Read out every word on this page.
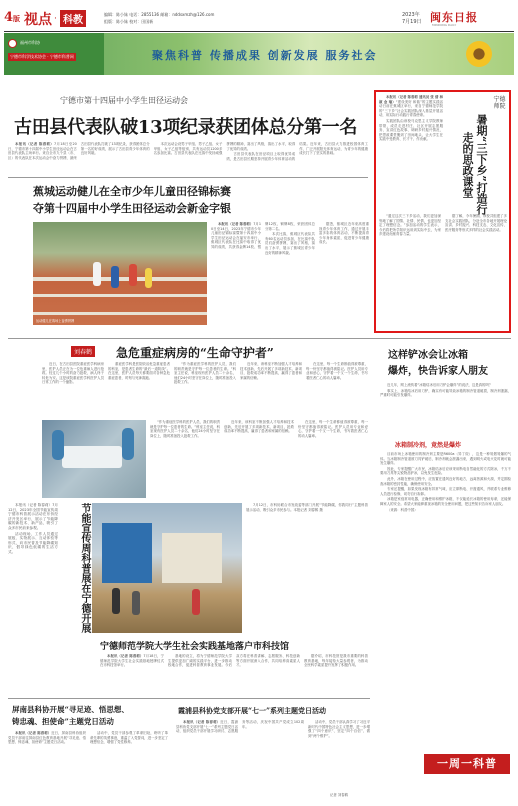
4版 视点 · 科教
编辑：陈小妹 电话：2855136 邮箱：nddsxmzh@126.com
组版：陈小妹 校对：田国新
2023年
7月19日 闽东日报
MINDONG DAILY
福州市科协
宁德市科学技术协会 · 宁德市科普网	聚焦科普 传播成果 创新发展 服务社会
宁德市第十四届中小学生田径运动会
古田县代表队破13项纪录获团体总分第一名

本报讯（记者 陈春莉）7月18日至20日，宁德市第十四届中小学生田径运动会在古田县代表队主场举行。来自全市九个县（市、区）的代表队在本次运动会中奋力拼搏，最终古田县代表队打破了13项纪录，获得团体总分第一名的好成绩，展示了古田县青少年体育的良好风貌。

本次运动会设男子甲组、男子乙组、女子甲组、女子乙组等组别，共有运动员1200多名参加比赛。古田县代表队在比赛中发扬顽强拼搏的精神，赛出了风格，赛出了水平，取得了优异的成绩。

古田县代表队在田径项目上取得优异成绩，是古田县长期坚持开展青少年体育活动的结果。近年来，古田县大力推进校园体育工作，广泛开展阳光体育运动，为青少年的健康成长打下了坚实的基础。

蕉城运动健儿在全市少年儿童田径锦标赛
夺第十四届中小学生田径运动会新金字银
运动健儿在赛场上奋勇拼搏

本报讯（记者 陈春莉）7月10日至14日，2023年宁德市少年儿童田径锦标赛暨第十四届中小学生田径运动会在福安市举行，蕉城区代表队在比赛中取得了优异的成绩，共获得金牌14枚、银牌12枚、铜牌8枚，荣获团体总分第二名。

本次比赛，蕉城区代表队共有60名运动员参加，在比赛中队员们奋勇拼搏，赛出了风格，赛出了水平，展示了蕉城区青少年良好的精神风貌。

据悉，蕉城区近年来高度重视青少年体育工作，通过开展丰富多彩的体育活动，不断提高青少年身体素质，促进青少年健康成长。

本报讯（记者 陈春莉 通讯员 张 倩 林 淑 金 瑜）“建设美好 和谐”的主题实践活动日前在蕉城区举行，来自宁德师范学院的“三下乡”社会实践团队深入基层开展活动，用实际行动践行青春使命。

实践团队由该校马克思主义学院教师带领，成员走进村庄、社区开展志愿服务、宣讲红色故事、调研乡村振兴情况，把思政课堂搬到了田间地头，让大学生在实践中受教育、长才干、作贡献。

宁德师院
暑期“三下乡”打造行走的思政课堂

“通过这次三下乡活动，我们更加深刻地了解了国情、社情、民情，也更加坚定了理想信念。”参加活动的学生表示，今后将把所学知识运用到实际中去，为家乡建设贡献青春力量。

据了解，今年暑期，该校共组建了多支社会实践团队，分赴全市各地开展理论宣讲、乡村振兴、科技支农、文化宣传、医疗服务等形式多样的社会实践活动。

刘春鹤 急危重症病房的“生命守护者”

近日，在古田县医院重症医学科病房里，医护人员正在为一位危重病人进行抢救。经过几个小时的奋力抢救，病人终于转危为安。这是该院重症医学科医护人员日常工作的一个缩影。

重症医学科是医院收治危急重症患者的科室，是患者生命的“最后一道防线”。在这里，医护人员每天都要面对各种急危重症患者，时刻与死神赛跑。

“作为重症医学科的医护人员，我们的职责就是守护每一位患者的生命。”科室主任说，科室现有医护人员二十余名，他们24小时坚守在岗位上，随时准备投入抢救工作。

近年来，该科室不断加强人才培养和技术创新，先后开展了多项新技术、新项目，抢救成功率不断提高，赢得了患者和家属的信赖。

在这里，每一个生命都值得被尊重，每一份坚守都值得被铭记。医护人员用专业和爱心，守护着一个又一个生命，书写着医者仁心的动人篇章。

“作为重症医学科的医护人员，我们的职责就是守护每一位患者的生命。”科室主任说，科室现有医护人员二十余名，他们24小时坚守在岗位上，随时准备投入抢救工作。

近年来，该科室不断加强人才培养和技术创新，先后开展了多项新技术、新项目，抢救成功率不断提高，赢得了患者和家属的信赖。

在这里，每一个生命都值得被尊重，每一份坚守都值得被铭记。医护人员用专业和爱心，守护着一个又一个生命，书写着医者仁心的动人篇章。

本报讯（记者 陈春莉）7月12日，2023年全国节能宣传周宁德市科普展示活动在东侨经济开发区举行，展示了节能降碳的新技术、新产品，吸引了众多市民前来参观。

活动现场，工作人员通过展板、实物展示、互动体验等形式，向市民普及节能降碳知识，倡导绿色低碳的生活方式。	节能宣传周科普展在宁德开展	7月12日，市科协联合市发改委等部门开展“节能降碳，你我同行”主题科普展示活动，吸引众多市民参与。本报记者 刘春鹤 摄

宁德师范学院大学生社会实践基地落户市科技馆

本报讯（记者 陈春莉）7月18日，宁德师范学院大学生社会实践基地授牌仪式在市科技馆举行。

基地的设立，将为宁德师范学院大学生提供更加广阔的实践平台，进一步推动校地合作，促进科普教育事业发展。今后双方将在科普讲解、志愿服务、科技创新等方面开展深入合作，共同培养高素质人才。

据介绍，市科技馆是我市重要的科普教育基地，每年接待大量参观者，为推动全民科学素质提升发挥了积极作用。

这样铲冰会让冰箱
爆炸，快告诉家人朋友

近几年，网上流传着“冰箱结冰后用刀铲会爆炸”的说法，这是真的吗？

事实上，冰箱结冰后用刀铲，确实有可能导致冰箱的制冷管道破损，制冷剂泄漏，严重时可能引发爆炸。

冰箱制冷剂，竟然是爆炸

目前市场上冰箱使用的制冷剂主要是R600a（异丁烷），这是一种易燃易爆的气体。当冰箱制冷管道被刀具铲破后，制冷剂就会泄漏出来，遇到明火或电火花时就可能发生爆炸。

因此，专家提醒广大市民，冰箱结冰后应该采用断电自然融化的方式除冰，千万不要用刀具等尖锐物品铲冰，以免发生危险。

此外，冰箱在使用过程中，应放置在通风良好的地方，远离热源和火源，并定期检查冰箱的密封性能，确保使用安全。

专家还提醒，如果发现冰箱有异常气味，应立即断电、开窗通风，并联系专业维修人员进行检修，切勿自行拆卸。

冰箱是家庭常用电器，正确使用和维护冰箱，不仅能延长冰箱的使用寿命，还能保障家人的安全。希望大家能够重视冰箱的安全使用问题，把这些知识告诉家人朋友。

（来源：科普中国）

屏南县科协开展“寻足迹、悟思想、
铸忠魂、担使命”主题党日活动

本报讯（记者 陈春莉）近日，屏南县科协组织党员干部前往屏南县红色教育基地开展“寻足迹、悟思想、铸忠魂、担使命”主题党日活动。

活动中，党员干部参观了革命旧址，聆听了革命先辈的英勇事迹，重温了入党誓词，进一步坚定了理想信念，增强了党性修养。

霞浦县科协党支部开展“七一”系列主题党日活动

本报讯（记者 陈春莉）近日，霞浦县科协党支部开展“七一”系列主题党日活动，组织党员干部开展学习研讨、志愿服务等活动，庆祝中国共产党成立102周年。

活动中，党员干部认真学习了习近平新时代中国特色社会主义思想，进一步增强了“四个意识”、坚定“四个自信”、做到“两个维护”。

记者 刘春鹤
一周一科普
